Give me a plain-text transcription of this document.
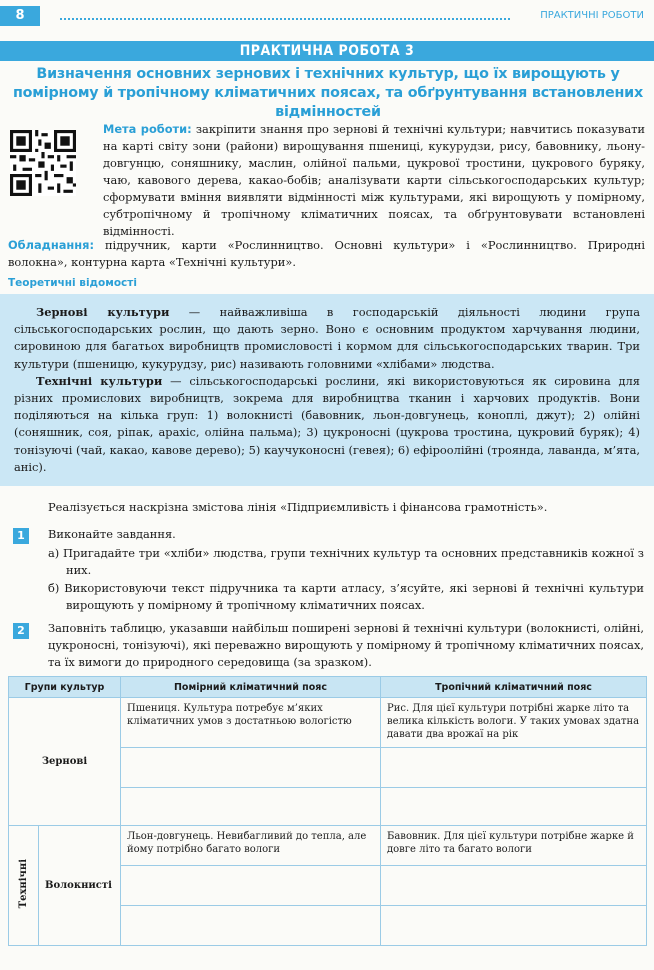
8	ПРАКТИЧНІ РОБОТИ
ПРАКТИЧНА РОБОТА 3
Визначення основних зернових і технічних культур, що їх вирощують у помірному й тропічному кліматичних поясах, та обґрунтування встановлених відмінностей
Мета роботи: закріпити знання про зернові й технічні культури; навчитись показувати на карті світу зони (райони) вирощування пшениці, кукурудзи, рису, бавовнику, льону-довгунцю, соняшнику, маслин, олійної пальми, цукрової тростини, цукрового буряку, чаю, кавового дерева, какао-бобів; аналізувати карти сільськогосподарських культур; сформувати вміння виявляти відмінності між культурами, які вирощують у помірному, субтропічному й тропічному кліматичних поясах, та обґрунтовувати встановлені відмінності.
Обладнання: підручник, карти «Рослинництво. Основні культури» і «Рослинництво. Природні волокна», контурна карта «Технічні культури».
Теоретичні відомості

Зернові культури — найважливіша в господарській діяльності людини група сільськогосподарських рослин, що дають зерно. Воно є основним продуктом харчування людини, сировиною для багатьох виробництв промисловості і кормом для сільськогосподарських тварин. Три культури (пшеницю, кукурудзу, рис) називають головними «хлібами» людства.

Технічні культури — сільськогосподарські рослини, які використовуються як сировина для різних промислових виробництв, зокрема для виробництва тканин і харчових продуктів. Вони поділяються на кілька груп: 1) волокнисті (бавовник, льон-довгунець, коноплі, джут); 2) олійні (соняшник, соя, ріпак, арахіс, олійна пальма); 3) цукроносні (цукрова тростина, цукровий буряк); 4) тонізуючі (чай, какао, кавове дерево); 5) каучуконосні (гевея); 6) ефіроолійні (троянда, лаванда, м’ята, аніс).

Реалізується наскрізна змістова лінія «Підприємливість і фінансова грамотність».
1	Виконайте завдання.
а) Пригадайте три «хліби» людства, групи технічних культур та основних представників кожної з них.
б) Використовуючи текст підручника та карти атласу, з’ясуйте, які зернові й технічні культури вирощують у помірному й тропічному кліматичних поясах.
2	Заповніть таблицю, указавши найбільш поширені зернові й технічні культури (волокнисті, олійні, цукроносні, тонізуючі), які переважно вирощують у помірному й тропічному кліматичних поясах, та їх вимоги до природного середовища (за зразком).
Групи культур		Помірний кліматичний пояс	Тропічний кліматичний пояс
Зернові		Пшениця. Культура потребує м’яких кліматичних умов з достатньою вологістю	Рис. Для цієї культури потрібні жарке літо та велика кількість вологи. У таких умовах здатна давати два врожаї на рік

Технічні	Волокнисті	Льон-довгунець. Невибагливий до тепла, але йому потрібно багато вологи	Бавовник. Для цієї культури потрібне жарке й довге літо та багато вологи
